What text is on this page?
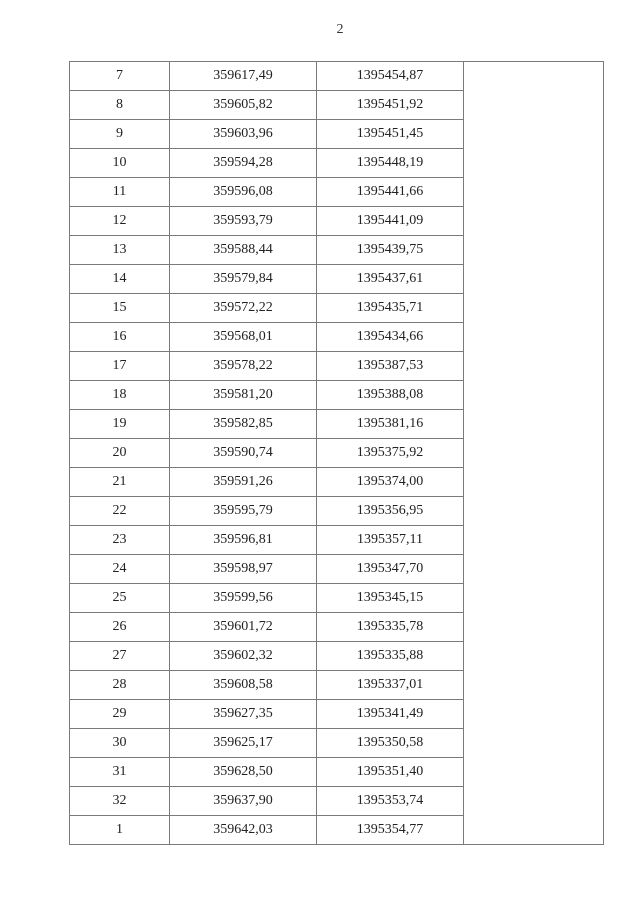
2
7	359617,49	1395454,87	
8	359605,82	1395451,92	
9	359603,96	1395451,45	
10	359594,28	1395448,19	
11	359596,08	1395441,66	
12	359593,79	1395441,09	
13	359588,44	1395439,75	
14	359579,84	1395437,61	
15	359572,22	1395435,71	
16	359568,01	1395434,66	
17	359578,22	1395387,53	
18	359581,20	1395388,08	
19	359582,85	1395381,16	
20	359590,74	1395375,92	
21	359591,26	1395374,00	
22	359595,79	1395356,95	
23	359596,81	1395357,11	
24	359598,97	1395347,70	
25	359599,56	1395345,15	
26	359601,72	1395335,78	
27	359602,32	1395335,88	
28	359608,58	1395337,01	
29	359627,35	1395341,49	
30	359625,17	1395350,58	
31	359628,50	1395351,40	
32	359637,90	1395353,74	
1	359642,03	1395354,77	
